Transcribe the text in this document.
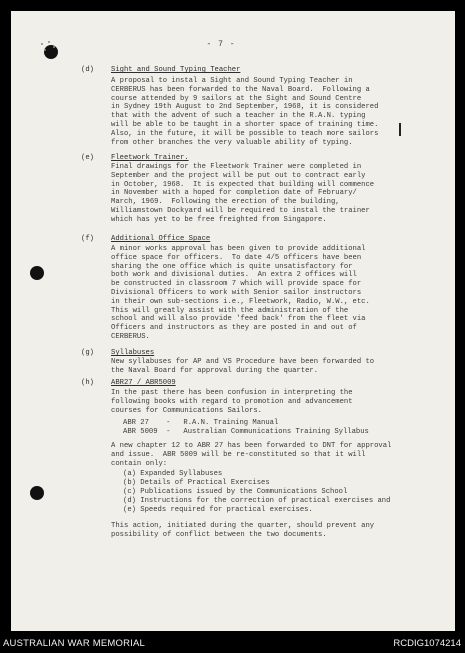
- 7 -
(d) Sight and Sound Typing Teacher
A proposal to instal a Sight and Sound Typing Teacher in
CERBERUS has been forwarded to the Naval Board.  Following a
course attended by 9 sailors at the Sight and Sound Centre
in Sydney 19th August to 2nd September, 1968, it is considered
that with the advent of such a teacher in the R.A.N. typing
will be able to be taught in a shorter space of training time.
Also, in the future, it will be possible to teach more sailors
from other branches the very valuable ability of typing.
(e) Fleetwork Trainer.
Final drawings for the Fleetwork Trainer were completed in
September and the project will be put out to contract early
in October, 1968.  It is expected that building will commence
in November with a hoped for completion date of February/
March, 1969.  Following the erection of the building,
Williamstown Dockyard will be required to instal the trainer
which has yet to be free freighted from Singapore.
(f) Additional Office Space
A minor works approval has been given to provide additional
office space for officers.  To date 4/5 officers have been
sharing the one office which is quite unsatisfactory for
both work and divisional duties.  An extra 2 offices will
be constructed in classroom 7 which will provide space for
Divisional Officers to work with Senior sailor instructors
in their own sub-sections i.e., Fleetwork, Radio, W.W., etc.
This will greatly assist with the administration of the
school and will also provide 'feed back' from the fleet via
Officers and instructors as they are posted in and out of
CERBERUS.
(g) Syllabuses
New syllabuses for AP and VS Procedure have been forwarded to
the Naval Board for approval during the quarter.
(h) ABR27 / ABR5009
In the past there has been confusion in interpreting the
following books with regard to promotion and advancement
courses for Communications Sailors.
ABR 27    -   R.A.N. Training Manual
ABR 5009  -   Australian Communications Training Syllabus
A new chapter 12 to ABR 27 has been forwarded to DNT for approval
and issue.  ABR 5009 will be re-constituted so that it will
contain only:
(a) Expanded Syllabuses
(b) Details of Practical Exercises
(c) Publications issued by the Communications School
(d) Instructions for the correction of practical exercises and
(e) Speeds required for practical exercises.
This action, initiated during the quarter, should prevent any
possibility of conflict between the two documents.
AUSTRALIAN WAR MEMORIAL	RCDIG1074214
